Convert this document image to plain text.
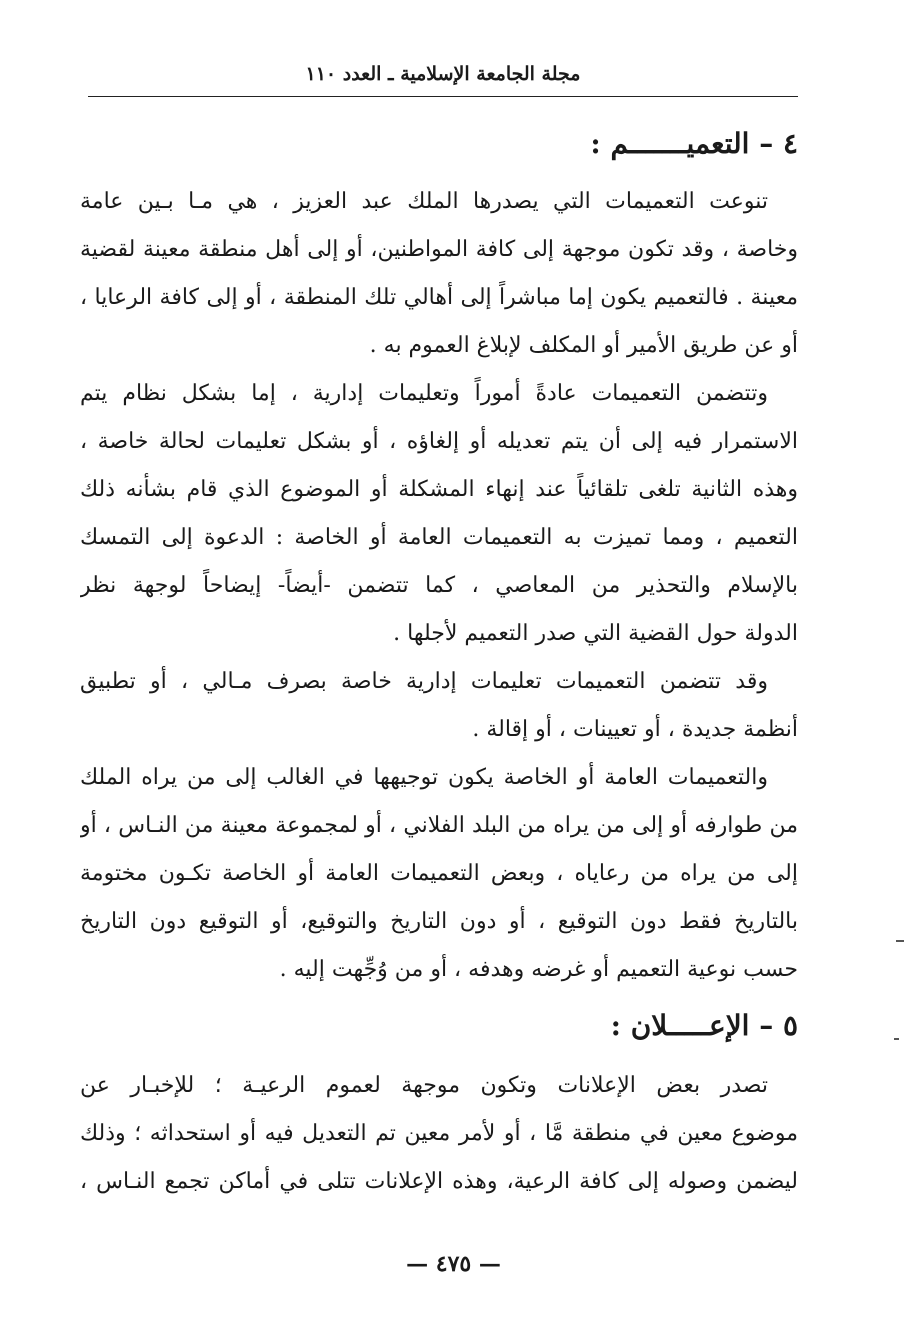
مجلة الجامعة الإسلامية ـ العدد ١١٠
٤ – التعميـــــــم :

تنوعت التعميمات التي يصدرها الملك عبد العزيز ، هي مـا بـين عامة

وخاصة ، وقد تكون موجهة إلى كافة المواطنين، أو إلى أهل منطقة معينة لقضية

معينة . فالتعميم يكون إما مباشراً إلى أهالي تلك المنطقة ، أو إلى كافة الرعايا ،

أو عن طريق الأمير أو المكلف لإبلاغ العموم به .

وتتضمن التعميمات عادةً أموراً وتعليمات إدارية ، إما بشكل نظام يتم

الاستمرار فيه إلى أن يتم تعديله أو إلغاؤه ، أو بشكل تعليمات لحالة خاصة ،

وهذه الثانية تلغى تلقائياً عند إنهاء المشكلة أو الموضوع الذي قام بشأنه ذلك

التعميم ، ومما تميزت به التعميمات العامة أو الخاصة : الدعوة إلى التمسك

بالإسلام والتحذير من المعاصي ، كما تتضمن -أيضاً- إيضاحاً لوجهة نظر

الدولة حول القضية التي صدر التعميم لأجلها .

وقد تتضمن التعميمات تعليمات إدارية خاصة بصرف مـالي ، أو تطبيق

أنظمة جديدة ، أو تعيينات ، أو إقالة .

والتعميمات العامة أو الخاصة يكون توجيهها في الغالب إلى من يراه الملك

من طوارفه أو إلى من يراه من البلد الفلاني ، أو لمجموعة معينة من النـاس ، أو

إلى من يراه من رعاياه ، وبعض التعميمات العامة أو الخاصة تكـون مختومة

بالتاريخ فقط دون التوقيع ، أو دون التاريخ والتوقيع، أو التوقيع دون التاريخ

حسب نوعية التعميم أو غرضه وهدفه ، أو من وُجِّهت إليه .

٥ – الإعـــــلان :

تصدر بعض الإعلانات وتكون موجهة لعموم الرعيـة ؛ للإخبـار عن

موضوع معين في منطقة مَّا ، أو لأمر معين تم التعديل فيه أو استحداثه ؛ وذلك

ليضمن وصوله إلى كافة الرعية، وهذه الإعلانات تتلى في أماكن تجمع النـاس ،

— ٤٧٥ —
